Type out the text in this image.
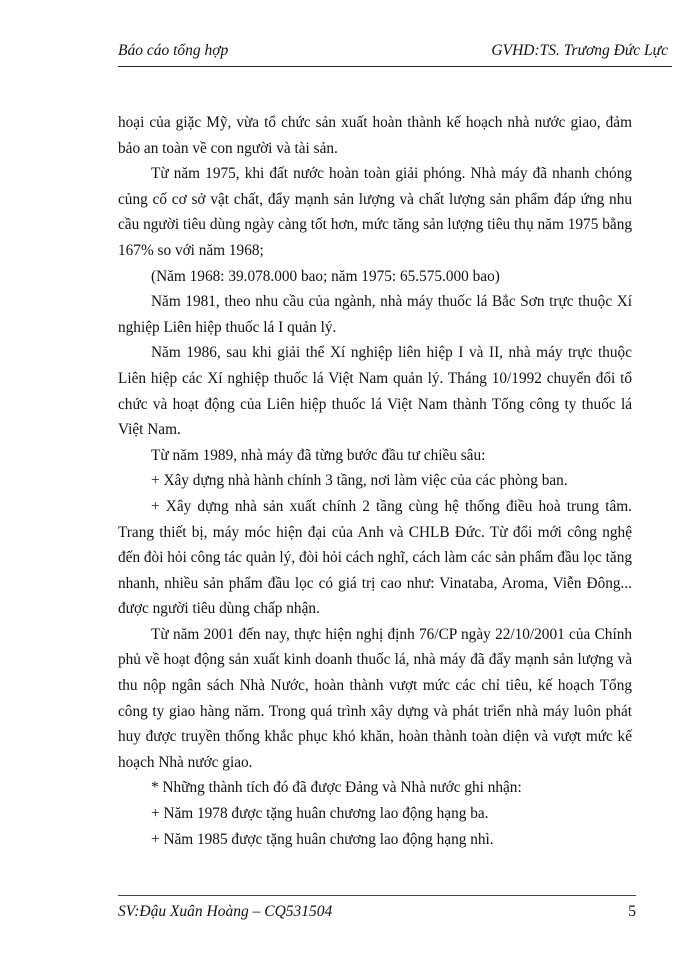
Báo cáo tổng hợp	GVHD:TS. Trương Đức Lực

hoại của giặc Mỹ, vừa tổ chức sản xuất hoàn thành kế hoạch nhà nước giao, đảm bảo an toàn về con người và tài sản.

Từ năm 1975, khi đất nước hoàn toàn giải phóng. Nhà máy đã nhanh chóng củng cố cơ sở vật chất, đẩy mạnh sản lượng và chất lượng sản phẩm đáp ứng nhu cầu người tiêu dùng ngày càng tốt hơn, mức tăng sản lượng tiêu thụ năm 1975 bằng 167% so với năm 1968;

(Năm 1968: 39.078.000 bao; năm 1975: 65.575.000 bao)

Năm 1981, theo nhu cầu của ngành, nhà máy thuốc lá Bắc Sơn trực thuộc Xí nghiệp Liên hiệp thuốc lá I quản lý.

Năm 1986, sau khi giải thể Xí nghiệp liên hiệp I và II, nhà máy trực thuộc Liên hiệp các Xí nghiệp thuốc lá Việt Nam quản lý. Tháng 10/1992 chuyển đổi tổ chức và hoạt động của Liên hiệp thuốc lá Việt Nam thành Tổng công ty thuốc lá Việt Nam.

Từ năm 1989, nhà máy đã từng bước đầu tư chiều sâu:

+ Xây dựng nhà hành chính 3 tầng, nơi làm việc của các phòng ban.

+ Xây dựng nhà sản xuất chính 2 tầng cùng hệ thống điều hoà trung tâm. Trang thiết bị, máy móc hiện đại của Anh và CHLB Đức. Từ đổi mới công nghệ đến đòi hỏi công tác quản lý, đòi hỏi cách nghĩ, cách làm các sản phẩm đầu lọc tăng nhanh, nhiều sản phẩm đầu lọc có giá trị cao như: Vinataba, Aroma, Viễn Đông... được người tiêu dùng chấp nhận.

Từ năm 2001 đến nay, thực hiện nghị định 76/CP ngày 22/10/2001 của Chính phủ về hoạt động sản xuất kinh doanh thuốc lá, nhà máy đã đẩy mạnh sản lượng và thu nộp ngân sách Nhà Nước, hoàn thành vượt mức các chỉ tiêu, kế hoạch Tổng công ty giao hàng năm. Trong quá trình xây dựng và phát triển nhà máy luôn phát huy được truyền thống khắc phục khó khăn, hoàn thành toàn diện và vượt mức kế hoạch Nhà nước giao.

* Những thành tích đó đã được Đảng và Nhà nước ghi nhận:

+ Năm 1978 được tặng huân chương lao động hạng ba.

+ Năm 1985 được tặng huân chương lao động hạng nhì.

SV:Đậu Xuân Hoàng – CQ531504	5
